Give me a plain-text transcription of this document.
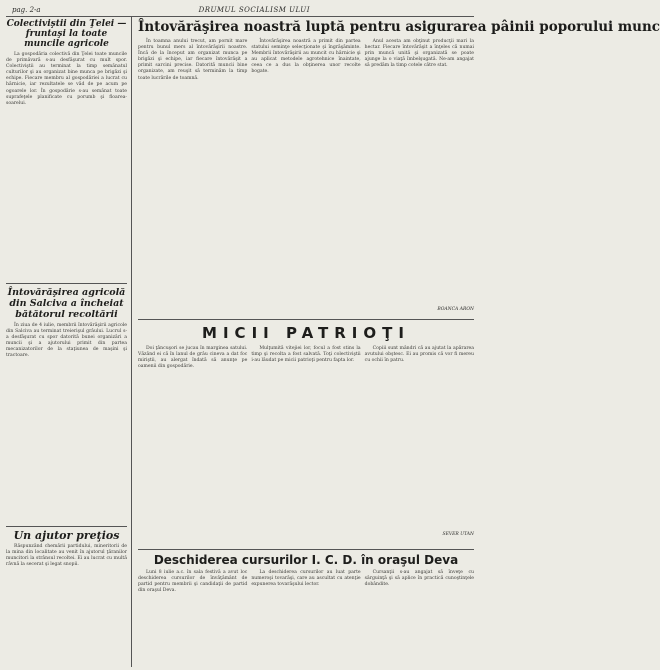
pag. 2-a	DRUMUL SOCIALISM ULUI
Colectiviştii din Ţelei — fruntaşi la toate muncile agricole

La gospodăria colectivă din Ţelei toate muncile de primăvară s-au desfăşurat cu mult spor. Colectiviştii au terminat la timp semănatul culturilor şi au organizat bine munca pe brigăzi şi echipe. Fiecare membru al gospodăriei a lucrat cu hărnicie, iar rezultatele se văd de pe acum pe ogoarele lor. În gospodărie s-au semănat toate suprafeţele planificate cu porumb şi floarea-soarelui.

Întovărăşirea agricolă din Salciva a încheiat bătătorul recoltării

În ziua de 4 iulie, membrii întovărăşirii agricole din Salciva au terminat treierişul grâului. Lucrul s-a desfăşurat cu spor datorită bunei organizări a muncii şi a ajutorului primit din partea mecanizatorilor de la staţiunea de maşini şi tractoare.

Un ajutor preţios

Răspunzând chemării partidului, mineritorii de la mina din localitate au venit în ajutorul ţăranilor muncitori la strânsul recoltei. Ei au lucrat cu multă râvnă la secerat şi legat snopii.

Întovărăşirea noastră luptă pentru asigurarea pâinii poporului munc

În toamna anului trecut, am pornit mare pentru bunul mers al întovărăşirii noastre. Încă de la început am organizat munca pe brigăzi şi echipe, iar fiecare întovărăşit a primit sarcini precise. Datorită muncii bine organizate, am reuşit să terminăm la timp toate lucrările de toamnă.

Întovărăşirea noastră a primit din partea statului seminţe selecţionate şi îngrăşăminte. Membrii întovărăşirii au muncit cu hărnicie şi au aplicat metodele agrotehnice înaintate, ceea ce a dus la obţinerea unor recolte bogate.

Anul acesta am obţinut producţii mari la hectar. Fiecare întovărăşit a înţeles că numai prin muncă unită şi organizată se poate ajunge la o viaţă îmbelşugată. Ne-am angajat să predăm la timp cotele către stat.

BOANCA ARON
MICII PATRIOŢI

Doi ţâncuşori se jucau în marginea satului. Văzând ei că în lanul de grâu cineva a dat foc miriştii, au alergat îndată să anunţe pe oamenii din gospodărie.

Mulţumită vitejiei lor, focul a fost stins la timp şi recolta a fost salvată. Toţi colectiviştii i-au lăudat pe micii patrioţi pentru fapta lor.

Copiii sunt mândri că au ajutat la apărarea avutului obştesc. Ei au promis că vor fi mereu cu ochii în patru.

SEVER UTAN
Deschiderea cursurilor I. C. D. în oraşul Deva

Luni 8 iulie a.c. în sala festivă a avut loc deschiderea cursurilor de învăţământ de partid pentru membrii şi candidaţii de partid din oraşul Deva.

La deschiderea cursurilor au luat parte numeroşi tovarăşi, care au ascultat cu atenţie expunerea tovarăşului lector.

Cursanţii s-au angajat să înveţe cu sârguinţă şi să aplice în practică cunoştinţele dobândite.
